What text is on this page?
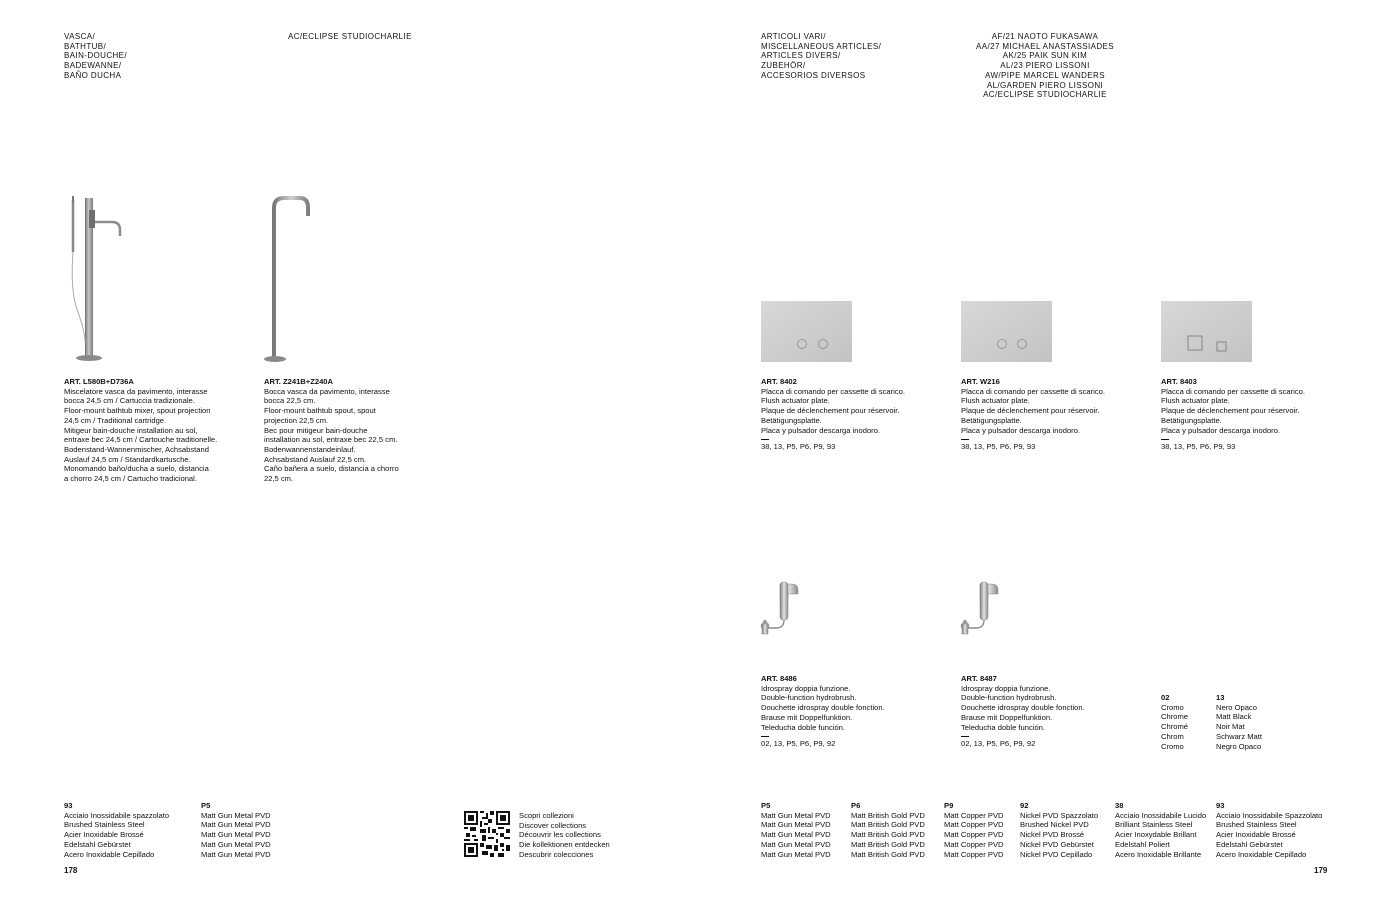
VASCA/
BATHTUB/
BAIN-DOUCHE/
BADEWANNE/
BAÑO DUCHA
AC/ECLIPSE STUDIOCHARLIE
ART. L580B+D736A
Miscelatore vasca da pavimento, interasse
bocca 24,5 cm / Cartuccia tradizionale.
Floor-mount bathtub mixer, spout projection
24,5 cm / Traditional cartridge.
Mitigeur bain-douche installation au sol,
entraxe bec 24,5 cm / Cartouche traditionelle.
Bodenstand-Wannenmischer, Achsabstand
Auslauf 24,5 cm / Standardkartusche.
Monomando baño/ducha a suelo, distancia
a chorro 24,5 cm / Cartucho tradicional.
ART. Z241B+Z240A
Bocca vasca da pavimento, interasse
bocca 22,5 cm.
Floor-mount bathtub spout, spout
projection 22,5 cm.
Bec pour mitigeur bain-douche
installation au sol, entraxe bec 22,5 cm.
Bodenwannenstandeinlauf.
Achsabstand Auslauf 22,5 cm.
Caño bañera a suelo, distancia a chorro
22,5 cm.
93
Acciaio Inossidabile spazzolato
Brushed Stainless Steel
Acier Inoxidable Brossé
Edelstahl Gebürstet
Acero Inoxidable Cepillado
P5
Matt Gun Metal PVD
Matt Gun Metal PVD
Matt Gun Metal PVD
Matt Gun Metal PVD
Matt Gun Metal PVD
Scopri collezioni
Discover collections
Découvrir les collections
Die kollektionen entdecken
Descubrir colecciones
178
ARTICOLI VARI/
MISCELLANEOUS ARTICLES/
ARTICLES DIVERS/
ZUBEHÖR/
ACCESORIOS DIVERSOS
AF/21 NAOTO FUKASAWA
AA/27 MICHAEL ANASTASSIADES
AK/25 PAIK SUN KIM
AL/23 PIERO LISSONI
AW/PIPE MARCEL WANDERS
AL/GARDEN PIERO LISSONI
AC/ECLIPSE STUDIOCHARLIE
ART. 8402
Placca di comando per cassette di scarico.
Flush actuator plate.
Plaque de déclenchement pour réservoir.
Betätigungsplatte.
Placa y pulsador descarga inodoro.
38, 13, P5, P6, P9, 93
ART. W216
Placca di comando per cassette di scarico.
Flush actuator plate.
Plaque de déclenchement pour réservoir.
Betätigungsplatte.
Placa y pulsador descarga inodoro.
38, 13, P5, P6, P9, 93
ART. 8403
Placca di comando per cassette di scarico.
Flush actuator plate.
Plaque de déclenchement pour réservoir.
Betätigungsplatte.
Placa y pulsador descarga inodoro.
38, 13, P5, P6, P9, 93
ART. 8486
Idrospray doppia funzione.
Double-function hydrobrush.
Douchette idrospray double fonction.
Brause mit Doppelfunktion.
Teleducha doble función.
02, 13, P5, P6, P9, 92
ART. 8487
Idrospray doppia funzione.
Double-function hydrobrush.
Douchette idrospray double fonction.
Brause mit Doppelfunktion.
Teleducha doble función.
02, 13, P5, P6, P9, 92
02
Cromo
Chrome
Chromé
Chrom
Cromo
13
Nero Opaco
Matt Black
Noir Mat
Schwarz Matt
Negro Opaco
P5
Matt Gun Metal PVD
Matt Gun Metal PVD
Matt Gun Metal PVD
Matt Gun Metal PVD
Matt Gun Metal PVD
P6
Matt British Gold PVD
Matt British Gold PVD
Matt British Gold PVD
Matt British Gold PVD
Matt British Gold PVD
P9
Matt Copper PVD
Matt Copper PVD
Matt Copper PVD
Matt Copper PVD
Matt Copper PVD
92
Nickel PVD Spazzolato
Brushed Nickel PVD
Nickel PVD Brossé
Nickel PVD Gebürstet
Nickel PVD Cepillado
38
Acciaio Inossidabile Lucido
Brilliant Stainless Steel
Acier Inoxydable Brillant
Edelstahl Poliert
Acero Inoxidable Brillante
93
Acciaio Inossidabile Spazzolato
Brushed Stainless Steel
Acier Inoxidable Brossé
Edelstahl Gebürstet
Acero Inoxidable Cepillado
179
